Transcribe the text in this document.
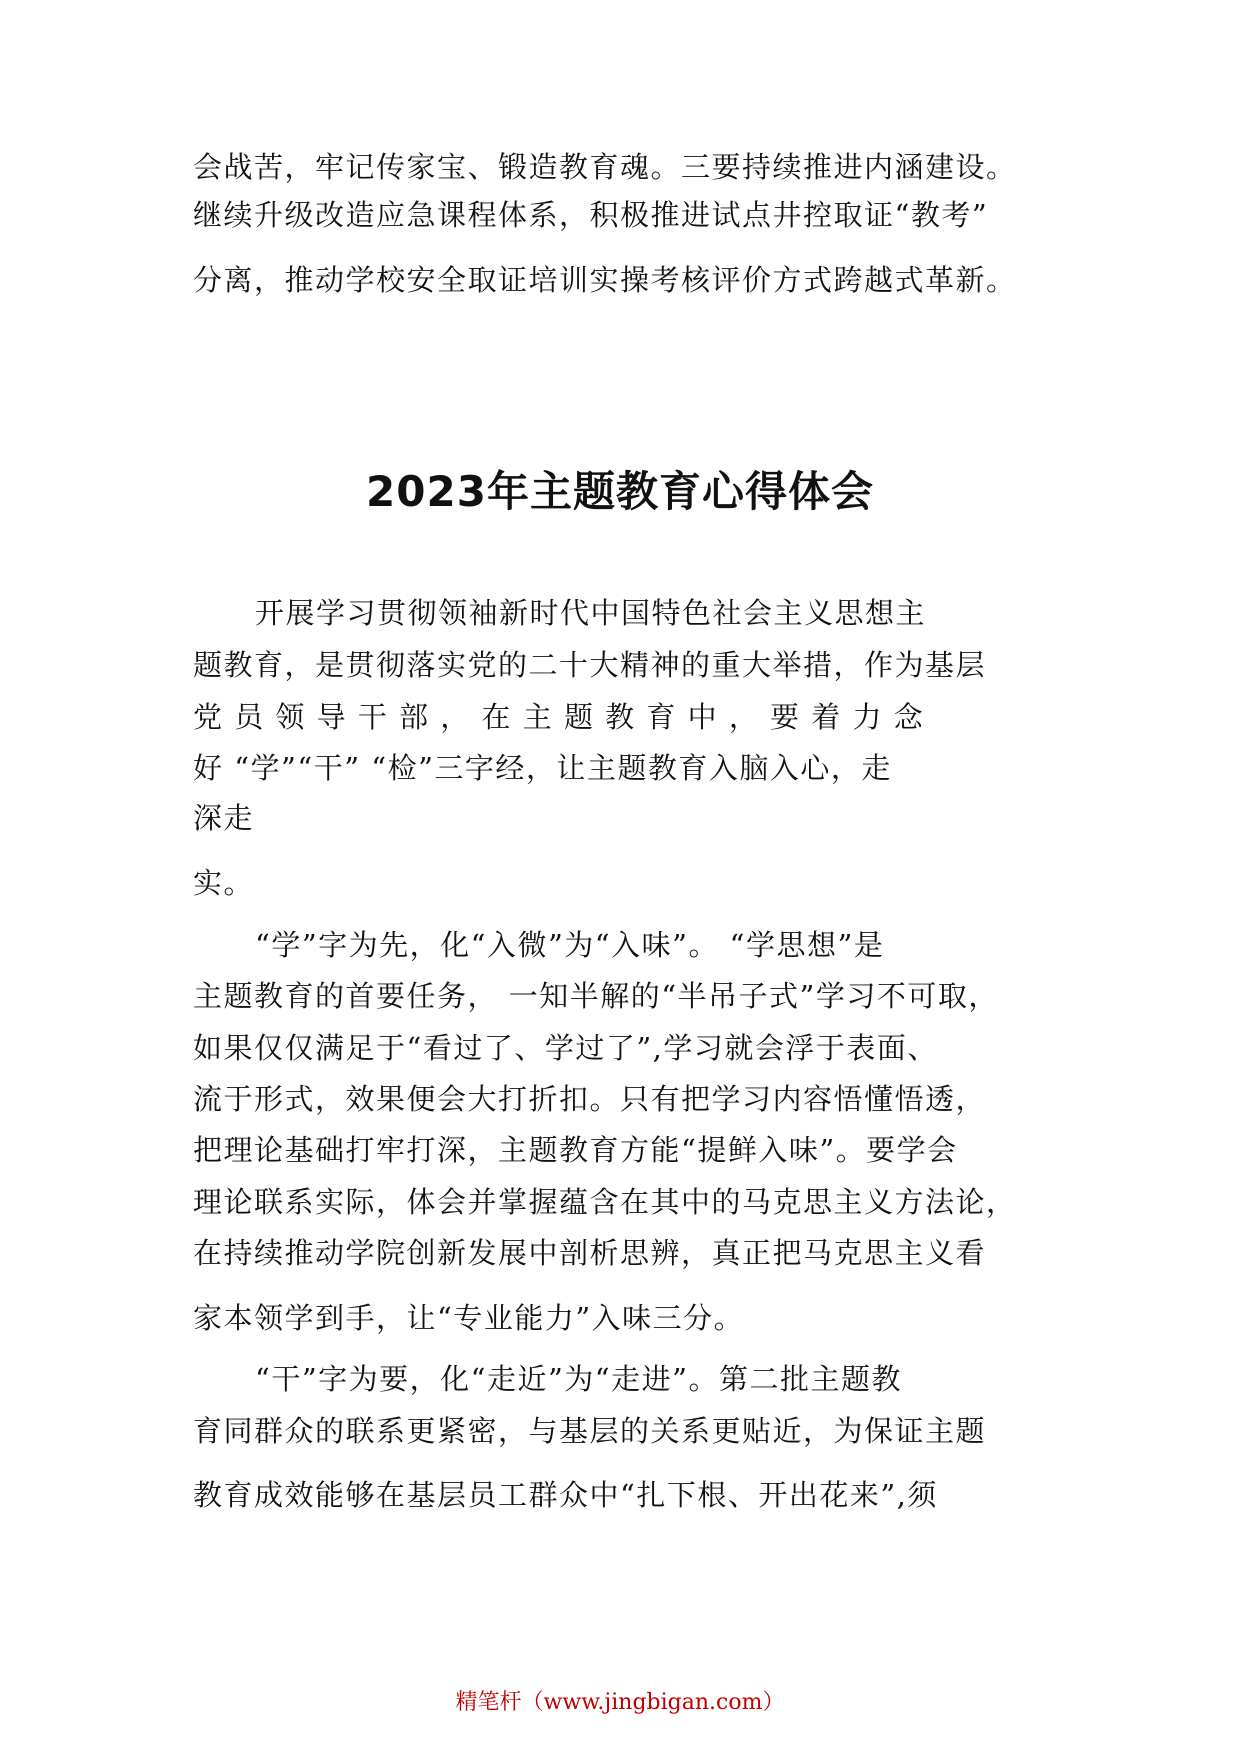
会战苦，牢记传家宝、锻造教育魂。三要持续推进内涵建设。
继续升级改造应急课程体系，积极推进试点井控取证“教考”
分离，推动学校安全取证培训实操考核评价方式跨越式革新。
2023年主题教育心得体会
开展学习贯彻领袖新时代中国特色社会主义思想主
题教育，是贯彻落实党的二十大精神的重大举措，作为基层
党 员 领 导 干 部 ， 在 主 题 教 育 中 ， 要 着 力 念
好 “学”“干” “检”三字经，让主题教育入脑入心，走
深走
实。
“学”字为先，化“入微”为“入味”。 “学思想”是
主题教育的首要任务， 一知半解的“半吊子式”学习不可取，
如果仅仅满足于“看过了、学过了”,学习就会浮于表面、
流于形式，效果便会大打折扣。只有把学习内容悟懂悟透，
把理论基础打牢打深，主题教育方能“提鲜入味”。要学会
理论联系实际，体会并掌握蕴含在其中的马克思主义方法论，
在持续推动学院创新发展中剖析思辨，真正把马克思主义看
家本领学到手，让“专业能力”入味三分。
“干”字为要，化“走近”为“走进”。第二批主题教
育同群众的联系更紧密，与基层的关系更贴近，为保证主题
教育成效能够在基层员工群众中“扎下根、开出花来”,须
精笔杆（www.jingbigan.com）
